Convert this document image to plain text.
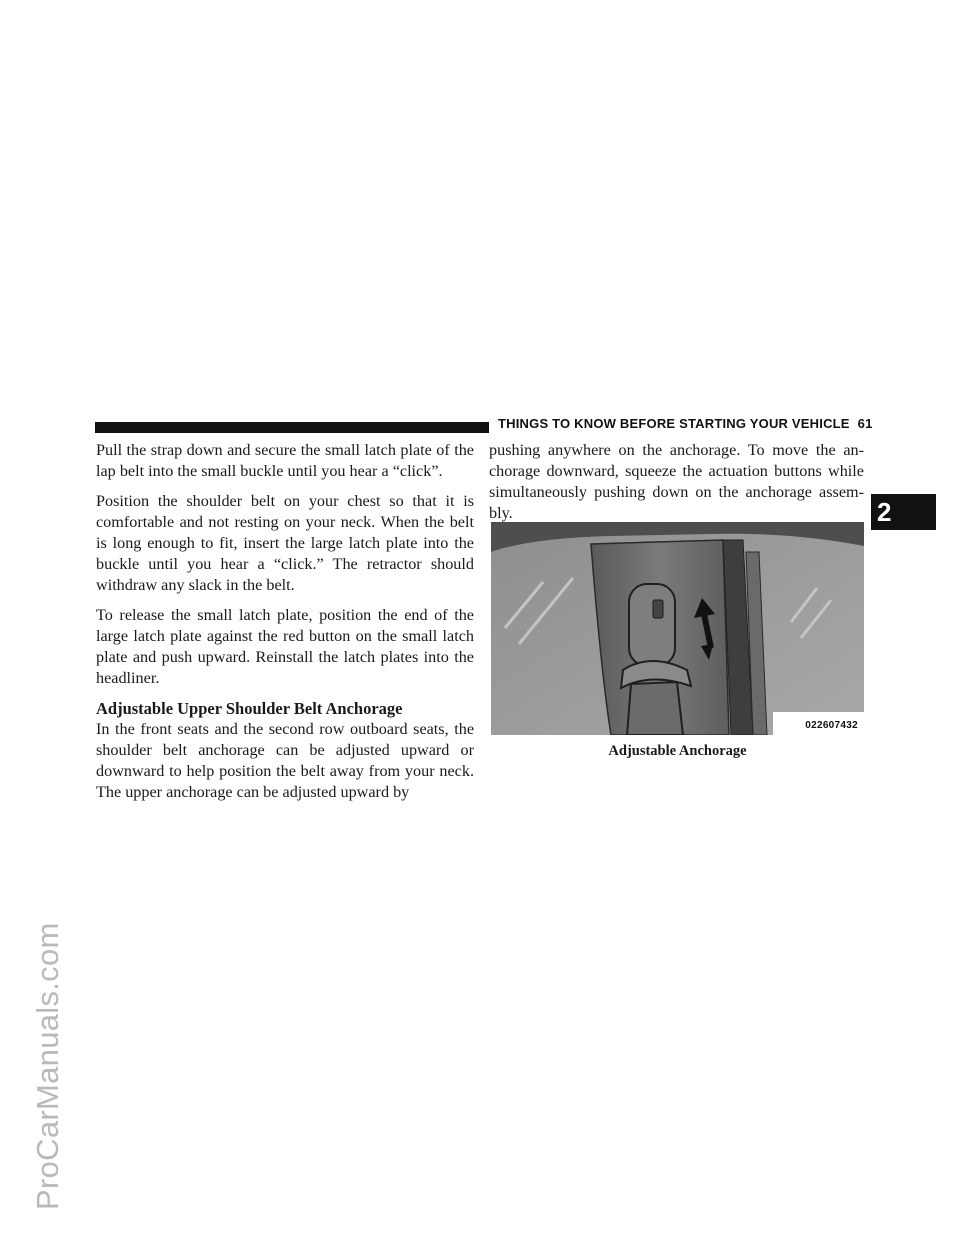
ProCarManuals.com
THINGS TO KNOW BEFORE STARTING YOUR VEHICLE 61

Pull the strap down and secure the small latch plate of the lap belt into the small buckle until you hear a “click”.

Position the shoulder belt on your chest so that it is comfortable and not resting on your neck. When the belt is long enough to fit, insert the large latch plate into the buckle until you hear a “click.” The retractor should withdraw any slack in the belt.

To release the small latch plate, position the end of the large latch plate against the red button on the small latch plate and push upward. Reinstall the latch plates into the headliner.

Adjustable Upper Shoulder Belt Anchorage

In the front seats and the second row outboard seats, the shoulder belt anchorage can be adjusted upward or downward to help position the belt away from your neck. The upper anchorage can be adjusted upward by

pushing anywhere on the anchorage. To move the an-chorage downward, squeeze the actuation buttons while simultaneously pushing down on the anchorage assem-bly.	2
022607432
Adjustable Anchorage
